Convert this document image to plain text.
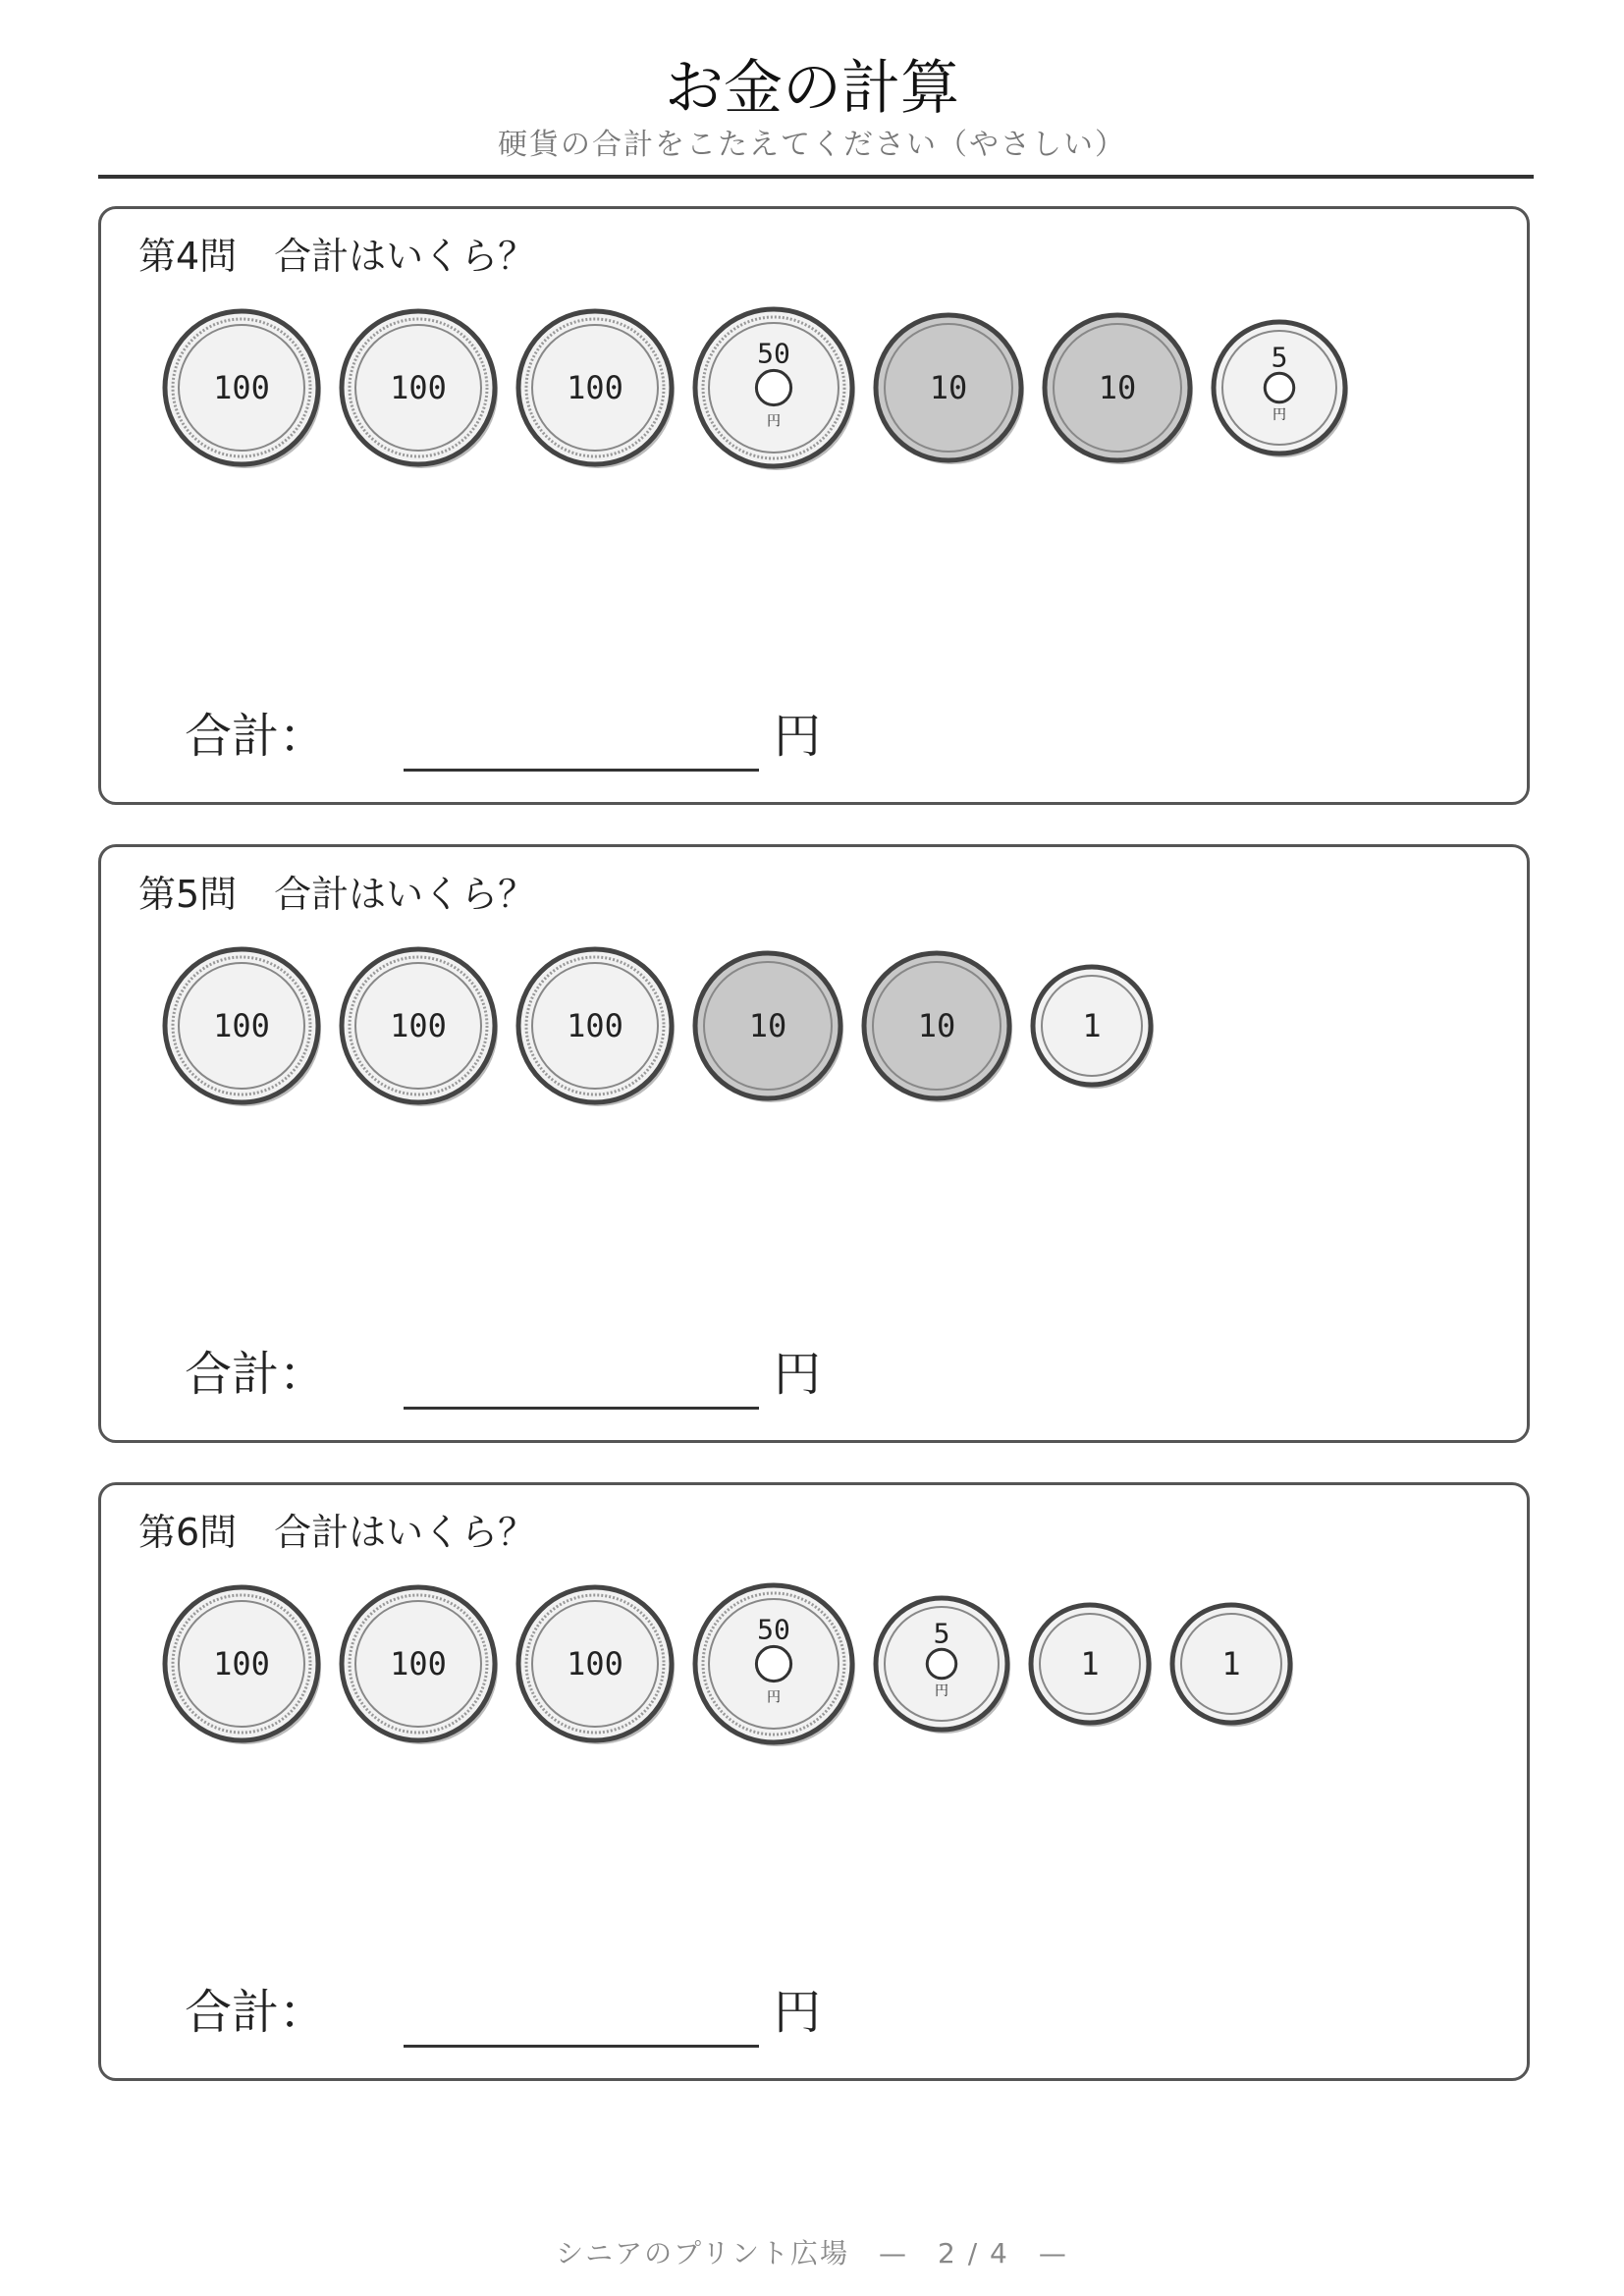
お金の計算
硬貨の合計をこたえてください（やさしい）
第4問　合計はいくら？
100	100	100
50
円
10	10
5
円
合計：	円
第5問　合計はいくら？
100	100	100	10	10	1
合計：	円
第6問　合計はいくら？
100	100	100
50
円
5
円
1	1
合計：	円
シニアのプリント広場　—　2 / 4　—
